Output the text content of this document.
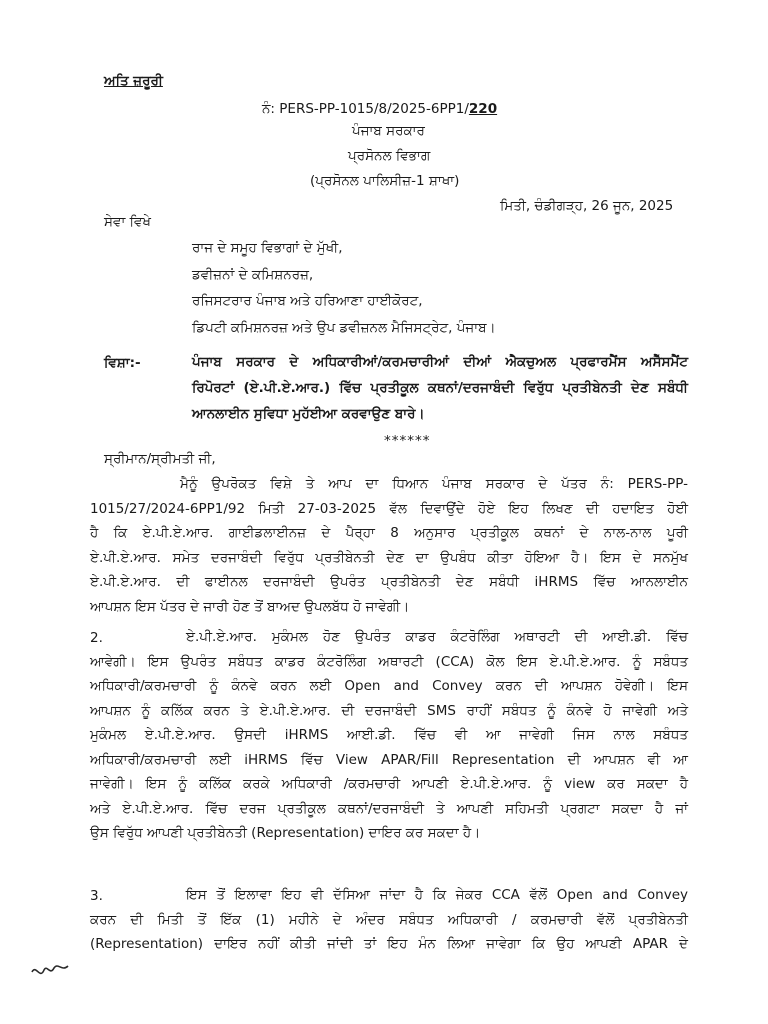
ਅਤਿ ਜ਼ਰੂਰੀ
ਨੰ: PERS-PP-1015/8/2025-6PP1/220
ਪੰਜਾਬ ਸਰਕਾਰ
ਪ੍ਰਸੋਨਲ ਵਿਭਾਗ
(ਪ੍ਰਸੋਨਲ ਪਾਲਿਸੀਜ਼-1 ਸ਼ਾਖਾ)
ਮਿਤੀ, ਚੰਡੀਗੜ੍ਹ, 26 ਜੂਨ, 2025
ਸੇਵਾ ਵਿਖੇ
ਰਾਜ ਦੇ ਸਮੂਹ ਵਿਭਾਗਾਂ ਦੇ ਮੁੱਖੀ,
ਡਵੀਜ਼ਨਾਂ ਦੇ ਕਮਿਸ਼ਨਰਜ਼,
ਰਜਿਸਟਰਾਰ ਪੰਜਾਬ ਅਤੇ ਹਰਿਆਣਾ ਹਾਈਕੋਰਟ,
ਡਿਪਟੀ ਕਮਿਸ਼ਨਰਜ਼ ਅਤੇ ਉਪ ਡਵੀਜ਼ਨਲ ਮੈਜਿਸਟ੍ਰੇਟ, ਪੰਜਾਬ।
ਵਿਸ਼ਾ:-	ਪੰਜਾਬ ਸਰਕਾਰ ਦੇ ਅਧਿਕਾਰੀਆਂ/ਕਰਮਚਾਰੀਆਂ ਦੀਆਂ ਐਕਚੁਅਲ ਪ੍ਰਫਾਰਮੈਂਸ ਅਸੈੱਸਮੈਂਟ
ਰਿਪੋਰਟਾਂ (ਏ.ਪੀ.ਏ.ਆਰ.) ਵਿੱਚ ਪ੍ਰਤੀਕੂਲ ਕਥਨਾਂ/ਦਰਜਾਬੰਦੀ ਵਿਰੁੱਧ ਪ੍ਰਤੀਬੇਨਤੀ ਦੇਣ ਸਬੰਧੀ
ਆਨਲਾਈਨ ਸੁਵਿਧਾ ਮੁਹੱਈਆ ਕਰਵਾਉਣ ਬਾਰੇ।
******
ਸ੍ਰੀਮਾਨ/ਸ੍ਰੀਮਤੀ ਜੀ,
ਮੈਨੂੰ ਉਪਰੋਕਤ ਵਿਸ਼ੇ ਤੇ ਆਪ ਦਾ ਧਿਆਨ ਪੰਜਾਬ ਸਰਕਾਰ ਦੇ ਪੱਤਰ ਨੰ: PERS-PP-
1015/27/2024-6PP1/92 ਮਿਤੀ 27-03-2025 ਵੱਲ ਦਿਵਾਉਂਦੇ ਹੋਏ ਇਹ ਲਿਖਣ ਦੀ ਹਦਾਇਤ ਹੋਈ
ਹੈ ਕਿ ਏ.ਪੀ.ਏ.ਆਰ. ਗਾਈਡਲਾਈਨਜ਼ ਦੇ ਪੈਰ੍ਹਾ 8 ਅਨੁਸਾਰ ਪ੍ਰਤੀਕੂਲ ਕਥਨਾਂ ਦੇ ਨਾਲ-ਨਾਲ ਪੂਰੀ
ਏ.ਪੀ.ਏ.ਆਰ. ਸਮੇਤ ਦਰਜਾਬੰਦੀ ਵਿਰੁੱਧ ਪ੍ਰਤੀਬੇਨਤੀ ਦੇਣ ਦਾ ਉਪਬੰਧ ਕੀਤਾ ਹੋਇਆ ਹੈ। ਇਸ ਦੇ ਸਨਮੁੱਖ
ਏ.ਪੀ.ਏ.ਆਰ. ਦੀ ਫਾਈਨਲ ਦਰਜਾਬੰਦੀ ਉਪਰੰਤ ਪ੍ਰਤੀਬੇਨਤੀ ਦੇਣ ਸਬੰਧੀ iHRMS ਵਿੱਚ ਆਨਲਾਈਨ
ਆਪਸ਼ਨ ਇਸ ਪੱਤਰ ਦੇ ਜਾਰੀ ਹੋਣ ਤੋਂ ਬਾਅਦ ਉਪਲਬੱਧ ਹੋ ਜਾਵੇਗੀ।
2.	ਏ.ਪੀ.ਏ.ਆਰ. ਮੁਕੰਮਲ ਹੋਣ ਉਪਰੰਤ ਕਾਡਰ ਕੰਟਰੋਲਿੰਗ ਅਥਾਰਟੀ ਦੀ ਆਈ.ਡੀ. ਵਿੱਚ
ਆਵੇਗੀ। ਇਸ ਉਪਰੰਤ ਸਬੰਧਤ ਕਾਡਰ ਕੰਟਰੋਲਿੰਗ ਅਥਾਰਟੀ (CCA) ਕੋਲ ਇਸ ਏ.ਪੀ.ਏ.ਆਰ. ਨੂੰ ਸਬੰਧਤ
ਅਧਿਕਾਰੀ/ਕਰਮਚਾਰੀ ਨੂੰ ਕੰਨਵੇ ਕਰਨ ਲਈ Open and Convey ਕਰਨ ਦੀ ਆਪਸ਼ਨ ਹੋਵੇਗੀ। ਇਸ
ਆਪਸ਼ਨ ਨੂੰ ਕਲਿੱਕ ਕਰਨ ਤੇ ਏ.ਪੀ.ਏ.ਆਰ. ਦੀ ਦਰਜਾਬੰਦੀ SMS ਰਾਹੀਂ ਸਬੰਧਤ ਨੂੰ ਕੰਨਵੇ ਹੋ ਜਾਵੇਗੀ ਅਤੇ
ਮੁਕੰਮਲ ਏ.ਪੀ.ਏ.ਆਰ. ਉਸਦੀ iHRMS ਆਈ.ਡੀ. ਵਿੱਚ ਵੀ ਆ ਜਾਵੇਗੀ ਜਿਸ ਨਾਲ ਸਬੰਧਤ
ਅਧਿਕਾਰੀ/ਕਰਮਚਾਰੀ ਲਈ iHRMS ਵਿੱਚ View APAR/Fill Representation ਦੀ ਆਪਸ਼ਨ ਵੀ ਆ
ਜਾਵੇਗੀ। ਇਸ ਨੂੰ ਕਲਿੱਕ ਕਰਕੇ ਅਧਿਕਾਰੀ /ਕਰਮਚਾਰੀ ਆਪਣੀ ਏ.ਪੀ.ਏ.ਆਰ. ਨੂੰ view ਕਰ ਸਕਦਾ ਹੈ
ਅਤੇ ਏ.ਪੀ.ਏ.ਆਰ. ਵਿੱਚ ਦਰਜ ਪ੍ਰਤੀਕੂਲ ਕਥਨਾਂ/ਦਰਜਾਬੰਦੀ ਤੇ ਆਪਣੀ ਸਹਿਮਤੀ ਪ੍ਰਗਟਾ ਸਕਦਾ ਹੈ ਜਾਂ
ਉਸ ਵਿਰੁੱਧ ਆਪਣੀ ਪ੍ਰਤੀਬੇਨਤੀ (Representation) ਦਾਇਰ ਕਰ ਸਕਦਾ ਹੈ।
3.	ਇਸ ਤੋਂ ਇਲਾਵਾ ਇਹ ਵੀ ਦੱਸਿਆ ਜਾਂਦਾ ਹੈ ਕਿ ਜੇਕਰ CCA ਵੱਲੋਂ Open and Convey
ਕਰਨ ਦੀ ਮਿਤੀ ਤੋਂ ਇੱਕ (1) ਮਹੀਨੇ ਦੇ ਅੰਦਰ ਸਬੰਧਤ ਅਧਿਕਾਰੀ / ਕਰਮਚਾਰੀ ਵੱਲੋਂ ਪ੍ਰਤੀਬੇਨਤੀ
(Representation) ਦਾਇਰ ਨਹੀਂ ਕੀਤੀ ਜਾਂਦੀ ਤਾਂ ਇਹ ਮੰਨ ਲਿਆ ਜਾਵੇਗਾ ਕਿ ਉਹ ਆਪਣੀ APAR ਦੇ
